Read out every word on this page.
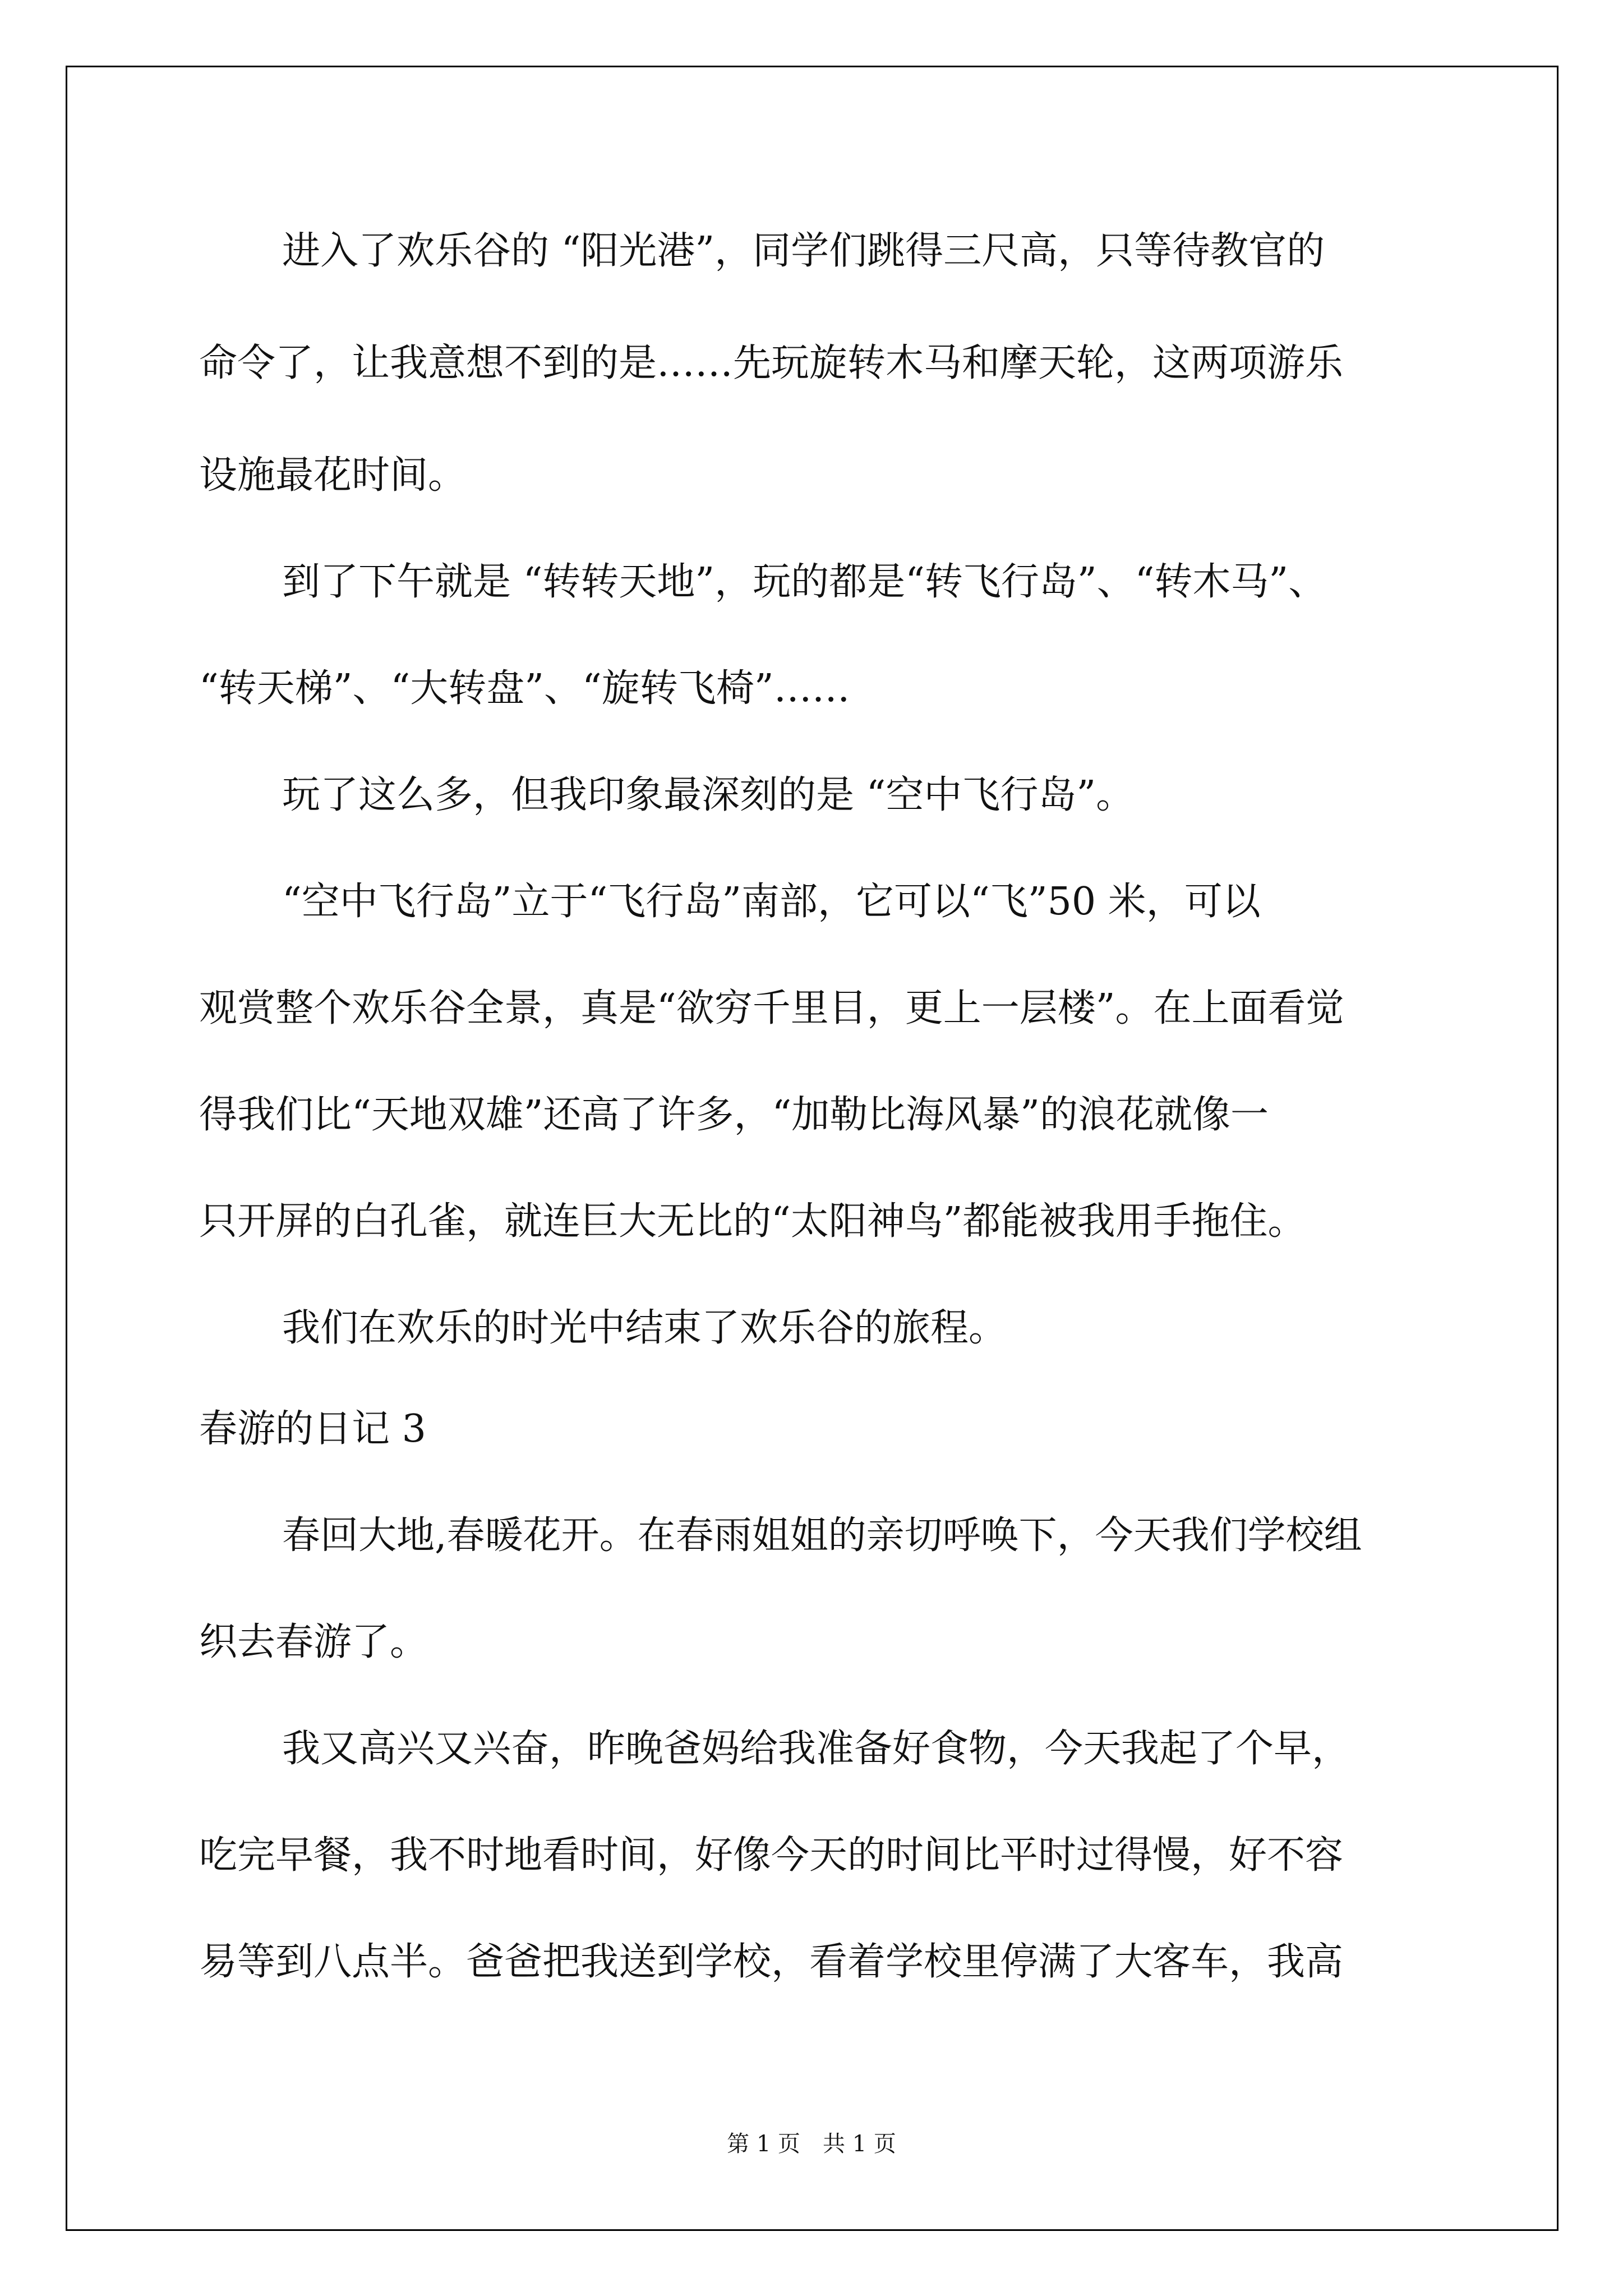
进入了欢乐谷的 “阳光港”，同学们跳得三尺高，只等待教官的

命令了，让我意想不到的是……先玩旋转木马和摩天轮，这两项游乐

设施最花时间。

到了下午就是 “转转天地”，玩的都是“转飞行岛”、“转木马”、

“转天梯”、“大转盘”、“旋转飞椅”……

玩了这么多，但我印象最深刻的是 “空中飞行岛”。

“空中飞行岛”立于“飞行岛”南部，它可以“飞”50 米，可以

观赏整个欢乐谷全景，真是“欲穷千里目，更上一层楼”。在上面看觉

得我们比“天地双雄”还高了许多，“加勒比海风暴”的浪花就像一

只开屏的白孔雀，就连巨大无比的“太阳神鸟”都能被我用手拖住。

我们在欢乐的时光中结束了欢乐谷的旅程。

春游的日记 3

春回大地,春暖花开。在春雨姐姐的亲切呼唤下，今天我们学校组

织去春游了。

我又高兴又兴奋，昨晚爸妈给我准备好食物，今天我起了个早，

吃完早餐，我不时地看时间，好像今天的时间比平时过得慢，好不容

易等到八点半。爸爸把我送到学校，看着学校里停满了大客车，我高

第 1 页　共 1 页
